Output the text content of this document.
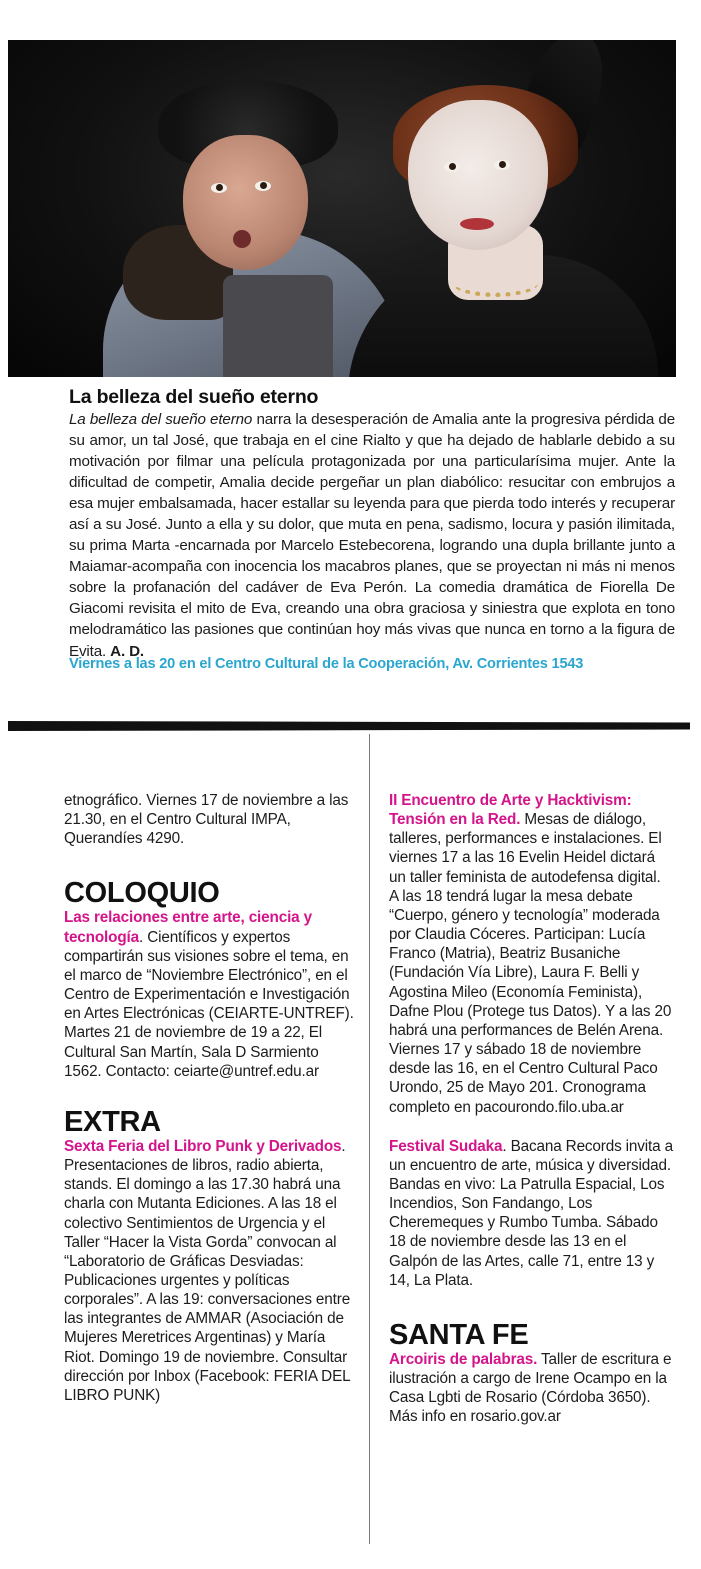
La belleza del sueño eterno

La belleza del sueño eterno narra la desesperación de Amalia ante la progresiva pérdida de su amor, un tal José, que trabaja en el cine Rialto y que ha dejado de hablarle debido a su motivación por filmar una película protagonizada por una particularísima mujer. Ante la dificultad de competir, Amalia decide pergeñar un plan diabólico: resucitar con embrujos a esa mujer embalsamada, hacer estallar su leyenda para que pierda todo interés y recuperar así a su José. Junto a ella y su dolor, que muta en pena, sadismo, locura y pasión ilimitada, su prima Marta -encarnada por Marcelo Estebecorena, logrando una dupla brillante junto a Maiamar-acompaña con inocencia los macabros planes, que se proyectan ni más ni menos sobre la profanación del cadáver de Eva Perón. La comedia dramática de Fiorella De Giacomi revisita el mito de Eva, creando una obra graciosa y siniestra que explota en tono melodramático las pasiones que continúan hoy más vivas que nunca en torno a la figura de Evita. A. D.

Viernes a las 20 en el Centro Cultural de la Cooperación, Av. Corrientes 1543

etnográfico. Viernes 17 de noviembre a las 21.30, en el Centro Cultural IMPA, Querandíes 4290.

COLOQUIO

Las relaciones entre arte, ciencia y tecnología. Científicos y expertos compartirán sus visiones sobre el tema, en el marco de “Noviembre Electrónico”, en el Centro de Experimentación e Investigación en Artes Electrónicas (CEIARTE-UNTREF). Martes 21 de noviembre de 19 a 22, El Cultural San Martín, Sala D Sarmiento 1562. Contacto: ceiarte@untref.edu.ar

EXTRA

Sexta Feria del Libro Punk y Derivados. Presentaciones de libros, radio abierta, stands. El domingo a las 17.30 habrá una charla con Mutanta Ediciones. A las 18 el colectivo Sentimientos de Urgencia y el Taller “Hacer la Vista Gorda” convocan al “Laboratorio de Gráficas Desviadas: Publicaciones urgentes y políticas corporales”. A las 19: conversaciones entre las integrantes de AMMAR (Asociación de Mujeres Meretrices Argentinas) y María Riot. Domingo 19 de noviembre. Consultar dirección por Inbox (Facebook: FERIA DEL LIBRO PUNK)

II Encuentro de Arte y Hacktivism: Tensión en la Red. Mesas de diálogo, talleres, performances e instalaciones. El viernes 17 a las 16 Evelin Heidel dictará un taller feminista de autodefensa digital. A las 18 tendrá lugar la mesa debate “Cuerpo, género y tecnología” moderada por Claudia Cóceres. Participan: Lucía Franco (Matria), Beatriz Busaniche (Fundación Vía Libre), Laura F. Belli y Agostina Mileo (Economía Feminista), Dafne Plou (Protege tus Datos). Y a las 20 habrá una performances de Belén Arena. Viernes 17 y sábado 18 de noviembre desde las 16, en el Centro Cultural Paco Urondo, 25 de Mayo 201. Cronograma completo en pacourondo.filo.uba.ar

Festival Sudaka. Bacana Records invita a un encuentro de arte, música y diversidad. Bandas en vivo: La Patrulla Espacial, Los Incendios, Son Fandango, Los Cheremeques y Rumbo Tumba. Sábado 18 de noviembre desde las 13 en el Galpón de las Artes, calle 71, entre 13 y 14, La Plata.

SANTA FE

Arcoiris de palabras. Taller de escritura e ilustración a cargo de Irene Ocampo en la Casa Lgbti de Rosario (Córdoba 3650). Más info en rosario.gov.ar
